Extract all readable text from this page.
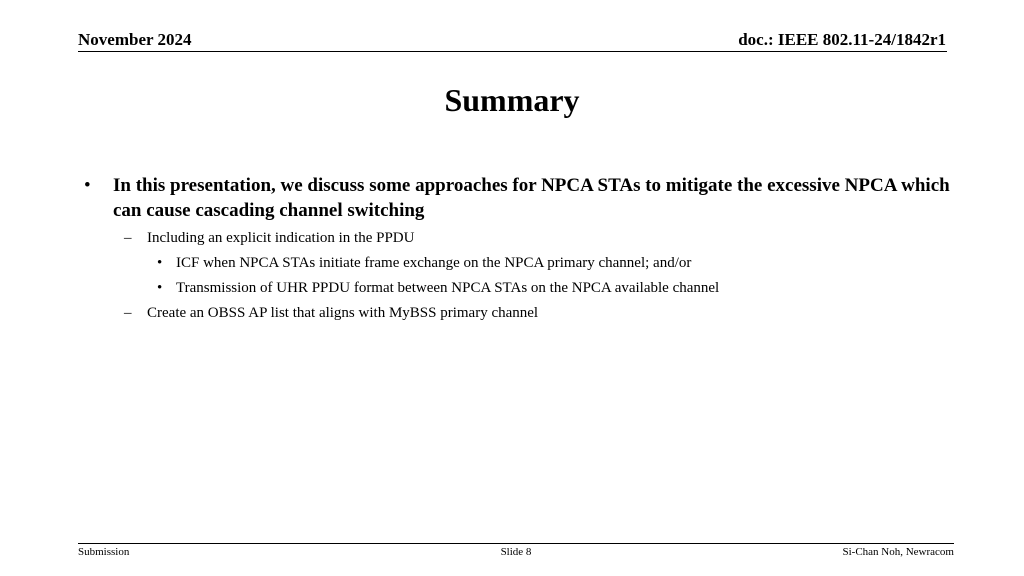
November 2024	doc.: IEEE 802.11-24/1842r1
Summary
• In this presentation, we discuss some approaches for NPCA STAs to mitigate the excessive NPCA which can cause cascading channel switching
– Including an explicit indication in the PPDU
• ICF when NPCA STAs initiate frame exchange on the NPCA primary channel; and/or
• Transmission of UHR PPDU format between NPCA STAs on the NPCA available channel
– Create an OBSS AP list that aligns with MyBSS primary channel
Submission	Slide 8	Si-Chan Noh, Newracom
